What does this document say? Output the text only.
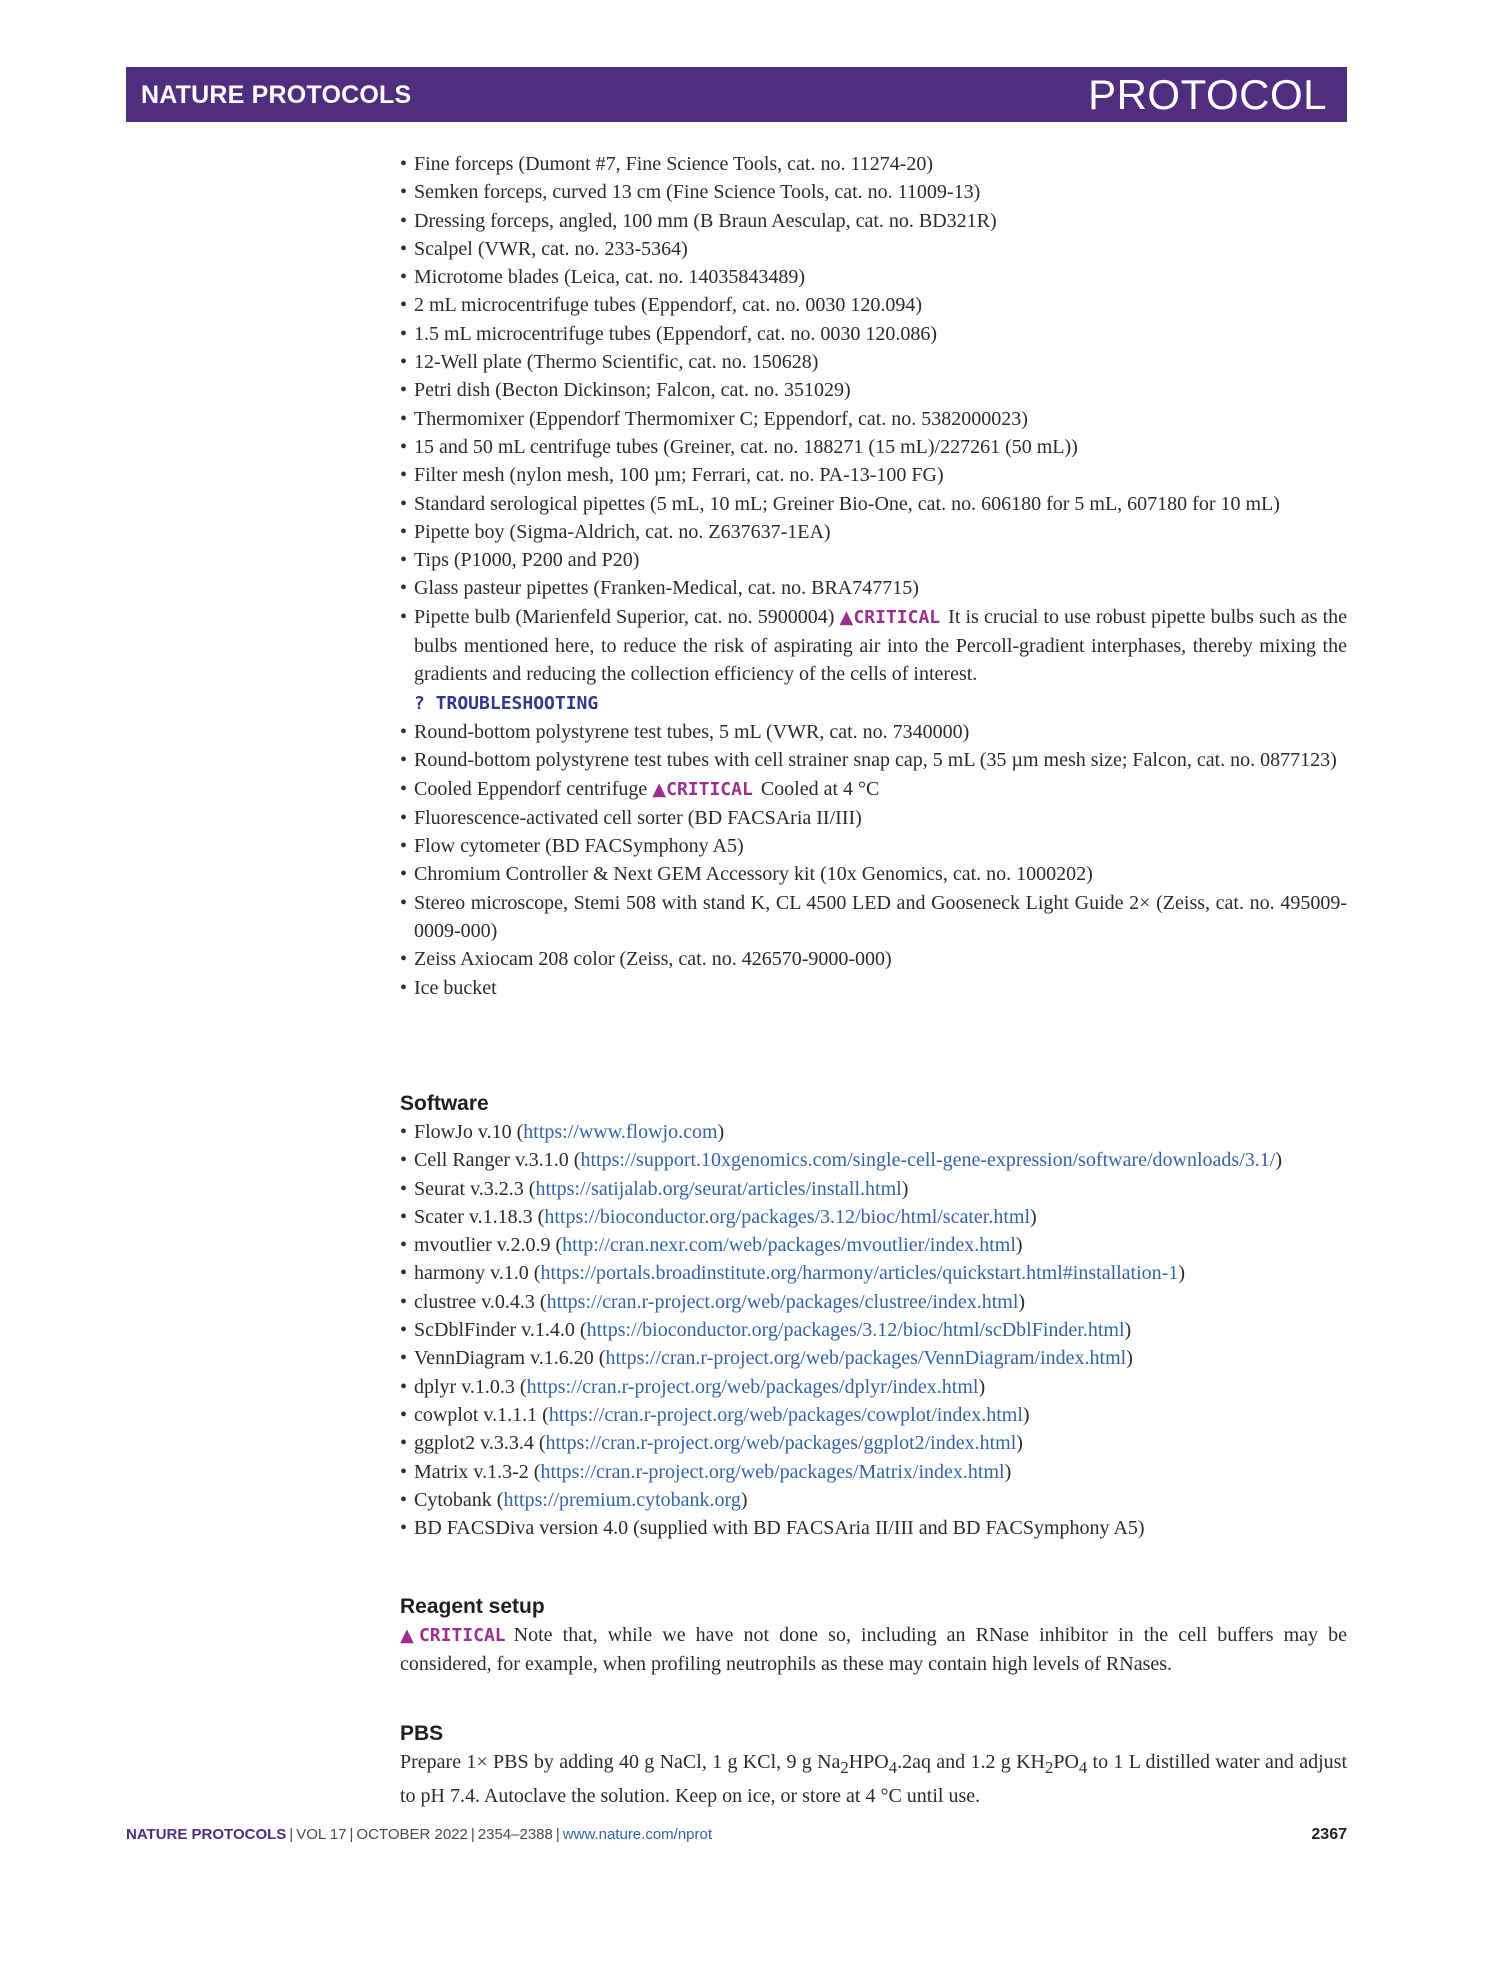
NATURE PROTOCOLS	PROTOCOL
• Fine forceps (Dumont #7, Fine Science Tools, cat. no. 11274-20)
• Semken forceps, curved 13 cm (Fine Science Tools, cat. no. 11009-13)
• Dressing forceps, angled, 100 mm (B Braun Aesculap, cat. no. BD321R)
• Scalpel (VWR, cat. no. 233-5364)
• Microtome blades (Leica, cat. no. 14035843489)
• 2 mL microcentrifuge tubes (Eppendorf, cat. no. 0030 120.094)
• 1.5 mL microcentrifuge tubes (Eppendorf, cat. no. 0030 120.086)
• 12-Well plate (Thermo Scientific, cat. no. 150628)
• Petri dish (Becton Dickinson; Falcon, cat. no. 351029)
• Thermomixer (Eppendorf Thermomixer C; Eppendorf, cat. no. 5382000023)
• 15 and 50 mL centrifuge tubes (Greiner, cat. no. 188271 (15 mL)/227261 (50 mL))
• Filter mesh (nylon mesh, 100 µm; Ferrari, cat. no. PA-13-100 FG)
• Standard serological pipettes (5 mL, 10 mL; Greiner Bio-One, cat. no. 606180 for 5 mL, 607180 for 10 mL)
• Pipette boy (Sigma-Aldrich, cat. no. Z637637-1EA)
• Tips (P1000, P200 and P20)
• Glass pasteur pipettes (Franken-Medical, cat. no. BRA747715)
• Pipette bulb (Marienfeld Superior, cat. no. 5900004) ▲CRITICAL It is crucial to use robust pipette bulbs such as the bulbs mentioned here, to reduce the risk of aspirating air into the Percoll-gradient interphases, thereby mixing the gradients and reducing the collection efficiency of the cells of interest.
? TROUBLESHOOTING
• Round-bottom polystyrene test tubes, 5 mL (VWR, cat. no. 7340000)
• Round-bottom polystyrene test tubes with cell strainer snap cap, 5 mL (35 µm mesh size; Falcon, cat. no. 0877123)
• Cooled Eppendorf centrifuge ▲CRITICAL Cooled at 4 °C
• Fluorescence-activated cell sorter (BD FACSAria II/III)
• Flow cytometer (BD FACSymphony A5)
• Chromium Controller & Next GEM Accessory kit (10x Genomics, cat. no. 1000202)
• Stereo microscope, Stemi 508 with stand K, CL 4500 LED and Gooseneck Light Guide 2× (Zeiss, cat. no. 495009-0009-000)
• Zeiss Axiocam 208 color (Zeiss, cat. no. 426570-9000-000)
• Ice bucket
Software
• FlowJo v.10 (https://www.flowjo.com)
• Cell Ranger v.3.1.0 (https://support.10xgenomics.com/single-cell-gene-expression/software/downloads/3.1/)
• Seurat v.3.2.3 (https://satijalab.org/seurat/articles/install.html)
• Scater v.1.18.3 (https://bioconductor.org/packages/3.12/bioc/html/scater.html)
• mvoutlier v.2.0.9 (http://cran.nexr.com/web/packages/mvoutlier/index.html)
• harmony v.1.0 (https://portals.broadinstitute.org/harmony/articles/quickstart.html#installation-1)
• clustree v.0.4.3 (https://cran.r-project.org/web/packages/clustree/index.html)
• ScDblFinder v.1.4.0 (https://bioconductor.org/packages/3.12/bioc/html/scDblFinder.html)
• VennDiagram v.1.6.20 (https://cran.r-project.org/web/packages/VennDiagram/index.html)
• dplyr v.1.0.3 (https://cran.r-project.org/web/packages/dplyr/index.html)
• cowplot v.1.1.1 (https://cran.r-project.org/web/packages/cowplot/index.html)
• ggplot2 v.3.3.4 (https://cran.r-project.org/web/packages/ggplot2/index.html)
• Matrix v.1.3-2 (https://cran.r-project.org/web/packages/Matrix/index.html)
• Cytobank (https://premium.cytobank.org)
• BD FACSDiva version 4.0 (supplied with BD FACSAria II/III and BD FACSymphony A5)
Reagent setup

▲CRITICAL Note that, while we have not done so, including an RNase inhibitor in the cell buffers may be considered, for example, when profiling neutrophils as these may contain high levels of RNases.

PBS

Prepare 1× PBS by adding 40 g NaCl, 1 g KCl, 9 g $Na_2HPO_4.2aq$ and 1.2 g $KH_2PO_4$ to 1 L distilled water and adjust to pH 7.4. Autoclave the solution. Keep on ice, or store at 4 °C until use.

NATURE PROTOCOLS | VOL 17 | OCTOBER 2022 | 2354–2388 | www.nature.com/nprot	2367
